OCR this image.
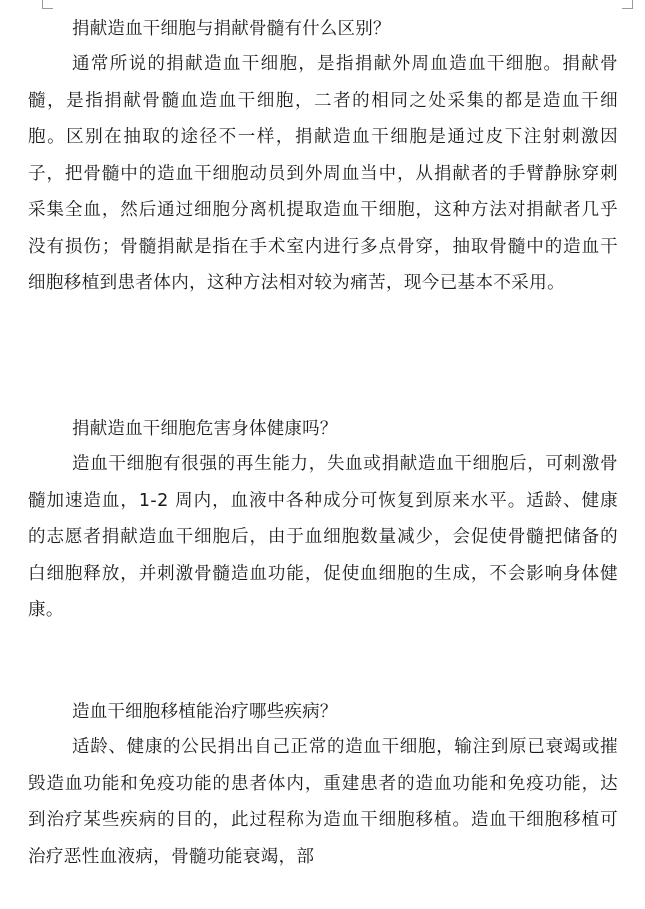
捐献造血干细胞与捐献骨髓有什么区别？

通常所说的捐献造血干细胞，是指捐献外周血造血干细胞。捐献骨髓，是指捐献骨髓血造血干细胞，二者的相同之处采集的都是造血干细胞。区别在抽取的途径不一样，捐献造血干细胞是通过皮下注射刺激因子，把骨髓中的造血干细胞动员到外周血当中，从捐献者的手臂静脉穿刺采集全血，然后通过细胞分离机提取造血干细胞，这种方法对捐献者几乎没有损伤；骨髓捐献是指在手术室内进行多点骨穿，抽取骨髓中的造血干细胞移植到患者体内，这种方法相对较为痛苦，现今已基本不采用。

捐献造血干细胞危害身体健康吗？

造血干细胞有很强的再生能力，失血或捐献造血干细胞后，可刺激骨髓加速造血，1-2 周内，血液中各种成分可恢复到原来水平。适龄、健康的志愿者捐献造血干细胞后，由于血细胞数量减少，会促使骨髓把储备的白细胞释放，并刺激骨髓造血功能，促使血细胞的生成，不会影响身体健康。

造血干细胞移植能治疗哪些疾病？

适龄、健康的公民捐出自己正常的造血干细胞，输注到原已衰竭或摧毁造血功能和免疫功能的患者体内，重建患者的造血功能和免疫功能，达到治疗某些疾病的目的，此过程称为造血干细胞移植。造血干细胞移植可治疗恶性血液病，骨髓功能衰竭，部
